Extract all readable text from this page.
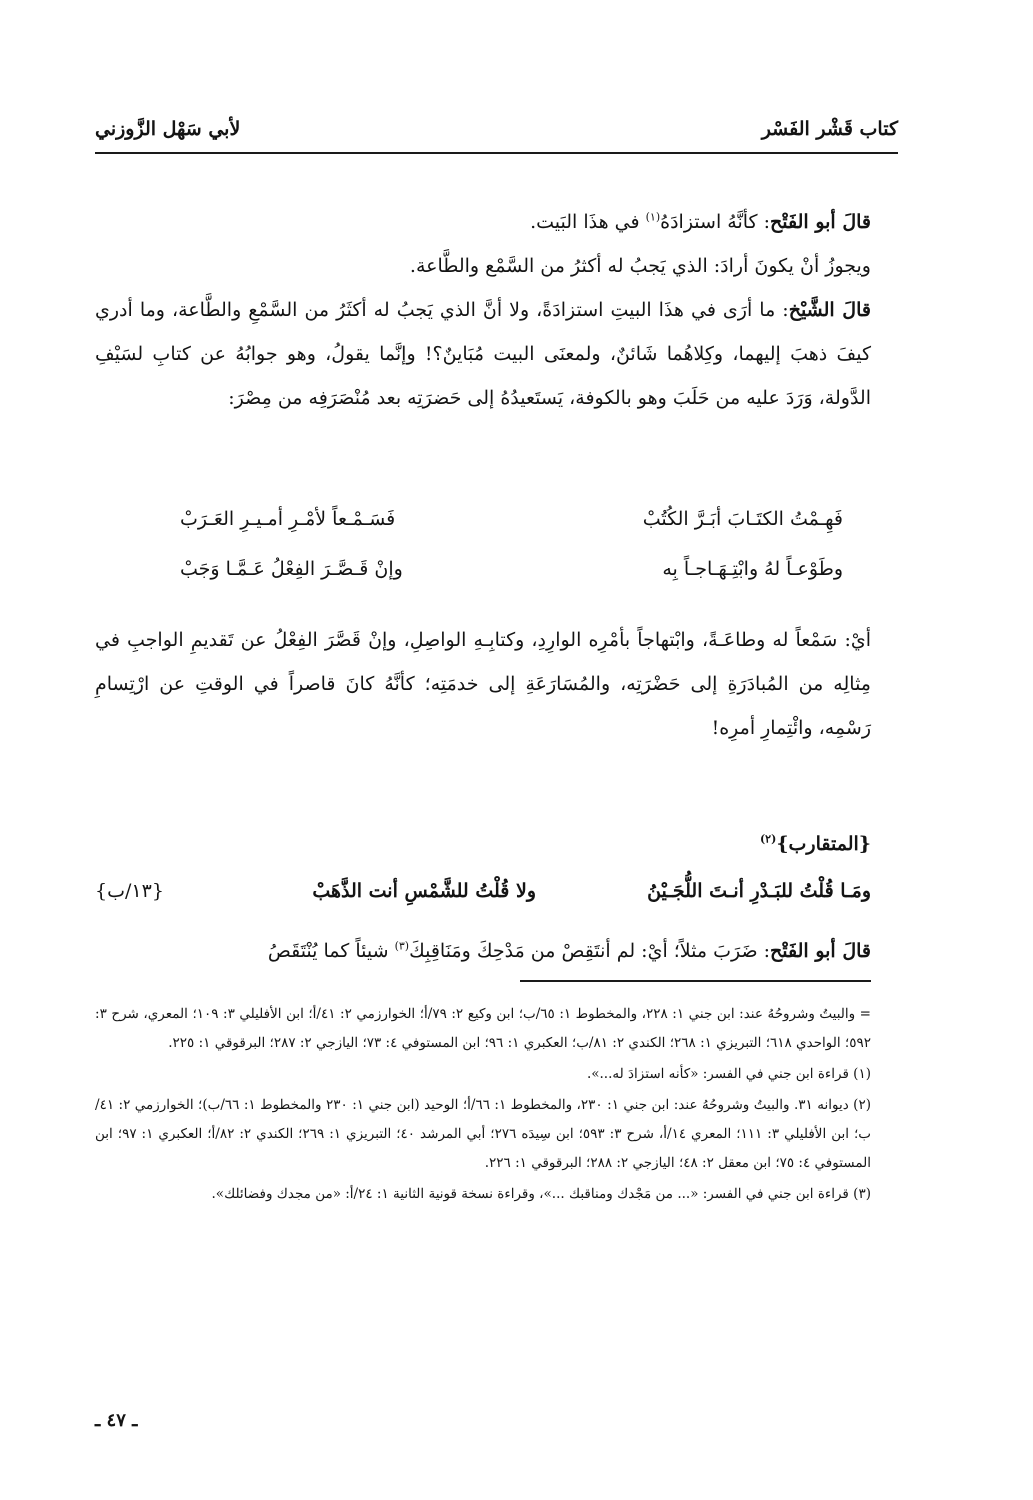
كتاب قَشْر الفَسْر
لأبي سَهْل الزَّوزني

قالَ أبو الفَتْح: كأنَّهُ استزادَهُ$^{(١)}$ في هذَا البَيت.

ويجوزُ أنْ يكونَ أرادَ: الذي يَجبُ له أكثرُ من السَّمْع والطَّاعة.

قالَ الشَّيْخ: ما أرَى في هذَا البيتِ استزادَةً، ولا أنَّ الذي يَجبُ له أكثَرُ من السَّمْعِ والطَّاعة، وما أدري كيفَ ذهبَ إليهما، وكِلاهُما شَائنٌ، ولمعنَى البيت مُبَاينٌ؟! وإنَّما يقولُ، وهو جوابُهُ عن كتابِ لسَيْفِ الدَّولة، وَرَدَ عليه من حَلَبَ وهو بالكوفة، يَستَعيدُهُ إلى حَضرَتِه بعد مُنْصَرَفِه من مِصْرَ:

فَهِـمْتُ الكتَـابَ أبَـرَّ الكُتُبْ
فَسَـمْـعاً لأمْـرِ أمـيـرِ العَـرَبْ
وطَوْعـاً لهُ وابْتِـهَـاجـاً بِه
وإنْ قَـصَّـرَ الفِعْلُ عَـمَّـا وَجَبْ

أيْ: سَمْعاً له وطاعَـةً، وابْتهاجاً بأمْرِه الوارِدِ، وكتابِـهِ الواصِلِ، وإنْ قَصَّرَ الفِعْلُ عن تَقديمِ الواجبِ في مِثالِه من المُبادَرَةِ إلى حَضْرَتِه، والمُسَارَعَةِ إلى خدمَتِه؛ كأنَّهُ كانَ قاصراً في الوقتِ عن ارْتِسامِ رَسْمِه، وائْتِمارِ أمرِه!

{المتقارب}$^{(٢)}$
ومَـا قُلْتُ للبَـدْرِ أنـتَ اللُّجَـيْنُ
ولا قُلْتُ للشَّمْسِ أنت الذَّهَبْ
{١٣/ب}
قالَ أبو الفَتْح: ضَرَبَ مثلاً؛ أيْ: لم أنتَقِصْ من مَدْحِكَ ومَنَاقِبِكَ$^{(٣)}$ شيئاً كما يُنْتَقَصُ

= والبيتُ وشروحُهُ عند: ابن جني ١: ٢٢٨، والمخطوط ١: ٦٥/ب؛ ابن وكيع ٢: ٧٩/أ؛ الخوارزمي ٢: ٤١/أ؛ ابن الأفليلي ٣: ١٠٩؛ المعري، شرح ٣: ٥٩٢؛ الواحدي ٦١٨؛ التبريزي ١: ٢٦٨؛ الكندي ٢: ٨١/ب؛ العكبري ١: ٩٦؛ ابن المستوفي ٤: ٧٣؛ اليازجي ٢: ٢٨٧؛ البرقوقي ١: ٢٢٥.

(١) قراءة ابن جني في الفسر: «كأنه استزادَ له...».

(٢) ديوانه ٣١. والبيتُ وشروحُهُ عند: ابن جني ١: ٢٣٠، والمخطوط ١: ٦٦/أ؛ الوحيد (ابن جني ١: ٢٣٠ والمخطوط ١: ٦٦/ب)؛ الخوارزمي ٢: ٤١/ب؛ ابن الأفليلي ٣: ١١١؛ المعري ١٤/أ، شرح ٣: ٥٩٣؛ ابن سِيدَه ٢٧٦؛ أبي المرشد ٤٠؛ التبريزي ١: ٢٦٩؛ الكندي ٢: ٨٢/أ؛ العكبري ١: ٩٧؛ ابن المستوفي ٤: ٧٥؛ ابن معقل ٢: ٤٨؛ اليازجي ٢: ٢٨٨؛ البرقوقي ١: ٢٢٦.

(٣) قراءة ابن جني في الفسر: «... من مَجْدك ومناقبك ...»، وقراءة نسخة قونية الثانية ١: ٢٤/أ: «من مجدك وفضائلك».

ـ ٤٧ ـ
